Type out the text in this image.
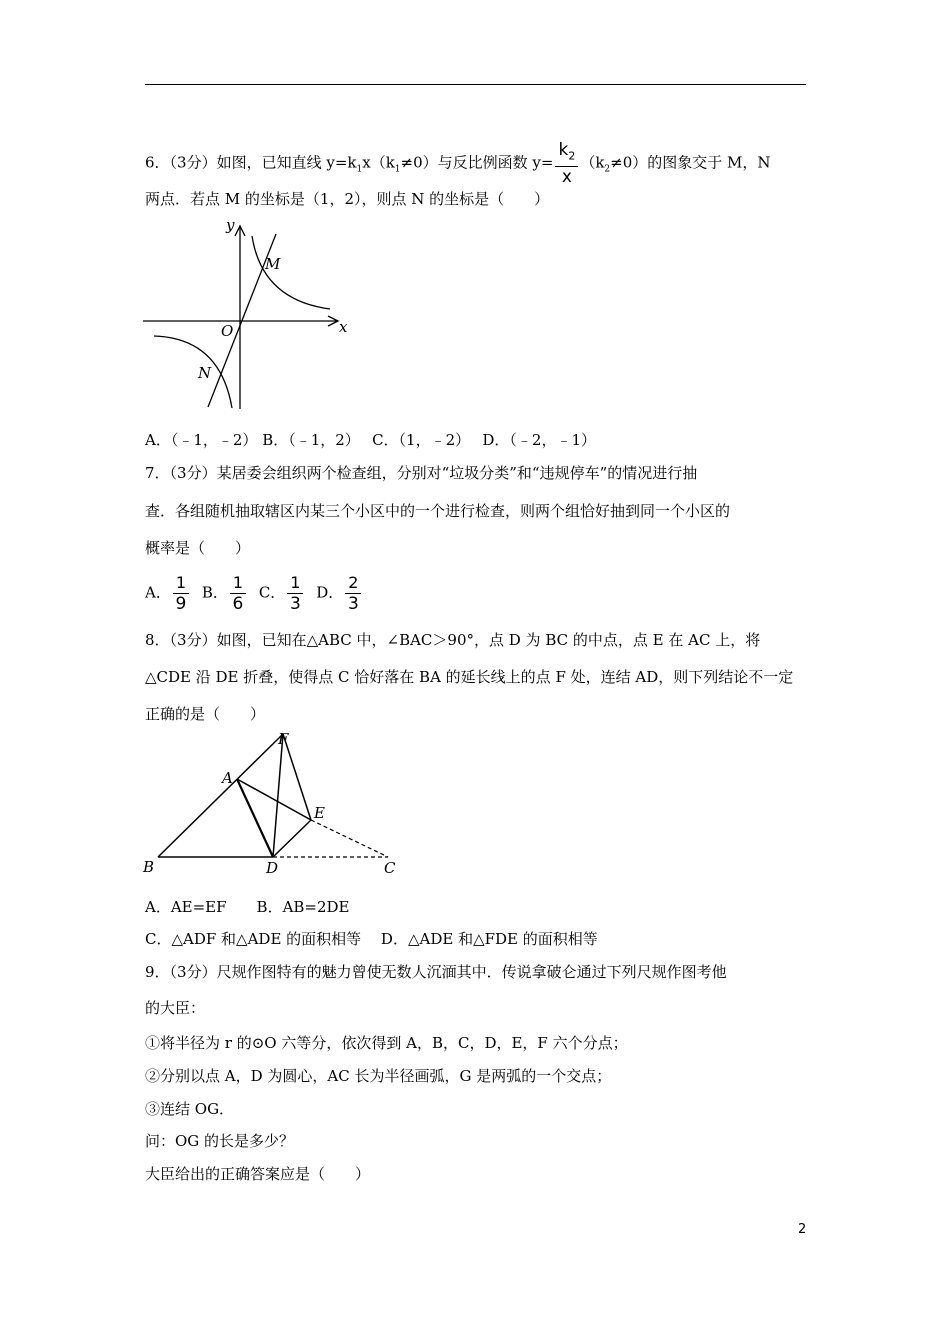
6．（3分）如图，已知直线 $y=k_1x(k_1\ne 0)$与反比例函数 $y= \frac{k_2}{x} (k_2\ne 0)$的图象交于 M，N
两点．若点 M 的坐标是（1，2），则点 N 的坐标是（　　）
y
x
O
M
N
A．（﹣1，﹣2） B．（﹣1，2）　 C．（1，﹣2）　 D．（﹣2，﹣1）
7．（3分）某居委会组织两个检查组，分别对“垃圾分类”和“违规停车”的情况进行抽
查．各组随机抽取辖区内某三个小区中的一个进行检查，则两个组恰好抽到同一个小区的
概率是（　　）
A． $\frac{1}{9}$ B． $\frac{1}{6}$ C． $\frac{1}{3}$ D． $\frac{2}{3}$
8．（3分）如图，已知在△ABC 中，∠BAC＞90°，点 D 为 BC 的中点，点 E 在 AC 上，将
△CDE 沿 DE 折叠，使得点 C 恰好落在 BA 的延长线上的点 F 处，连结 AD，则下列结论不一定
正确的是（　　）
F
A
E
B	D	C
A．AE=EF　　B．AB=2DE
C．△ADF 和△ADE 的面积相等　 D．△ADE 和△FDE 的面积相等
9．（3分）尺规作图特有的魅力曾使无数人沉湎其中．传说拿破仑通过下列尺规作图考他
的大臣：
①将半径为 r 的⊙O 六等分，依次得到 A，B，C，D，E，F 六个分点；
②分别以点 A，D 为圆心，AC 长为半径画弧，G 是两弧的一个交点；
③连结 OG．
问：OG 的长是多少？
大臣给出的正确答案应是（　　）
2
